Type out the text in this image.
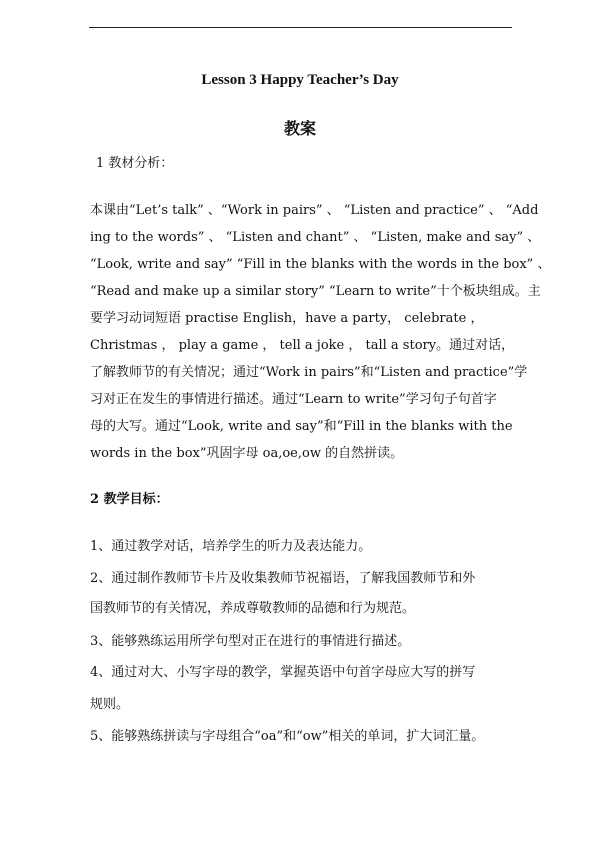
Lesson 3 Happy Teacher’s Day
教案
1 教材分析：
本课由“Let’s talk” 、“Work in pairs” 、 “Listen and practice” 、 “Add
ing to the words” 、 “Listen and chant” 、 “Listen, make and say” 、
“Look, write and say” “Fill in the blanks with the words in the box” 、
“Read and make up a similar story” “Learn to write”十个板块组成。主
要学习动词短语 practise English，have a party， celebrate ，
Christmas ， play a game ， tell a joke ， tall a story。通过对话，
了解教师节的有关情况；通过“Work in pairs”和“Listen and practice”学
习对正在发生的事情进行描述。通过“Learn to write”学习句子句首字
母的大写。通过“Look, write and say”和“Fill in the blanks with the
words in the box”巩固字母 oa,oe,ow 的自然拼读。
2 教学目标：
1、通过教学对话，培养学生的听力及表达能力。
2、通过制作教师节卡片及收集教师节祝福语，了解我国教师节和外
国教师节的有关情况，养成尊敬教师的品德和行为规范。
3、能够熟练运用所学句型对正在进行的事情进行描述。
4、通过对大、小写字母的教学，掌握英语中句首字母应大写的拼写
规则。
5、能够熟练拼读与字母组合“oa”和“ow”相关的单词，扩大词汇量。
